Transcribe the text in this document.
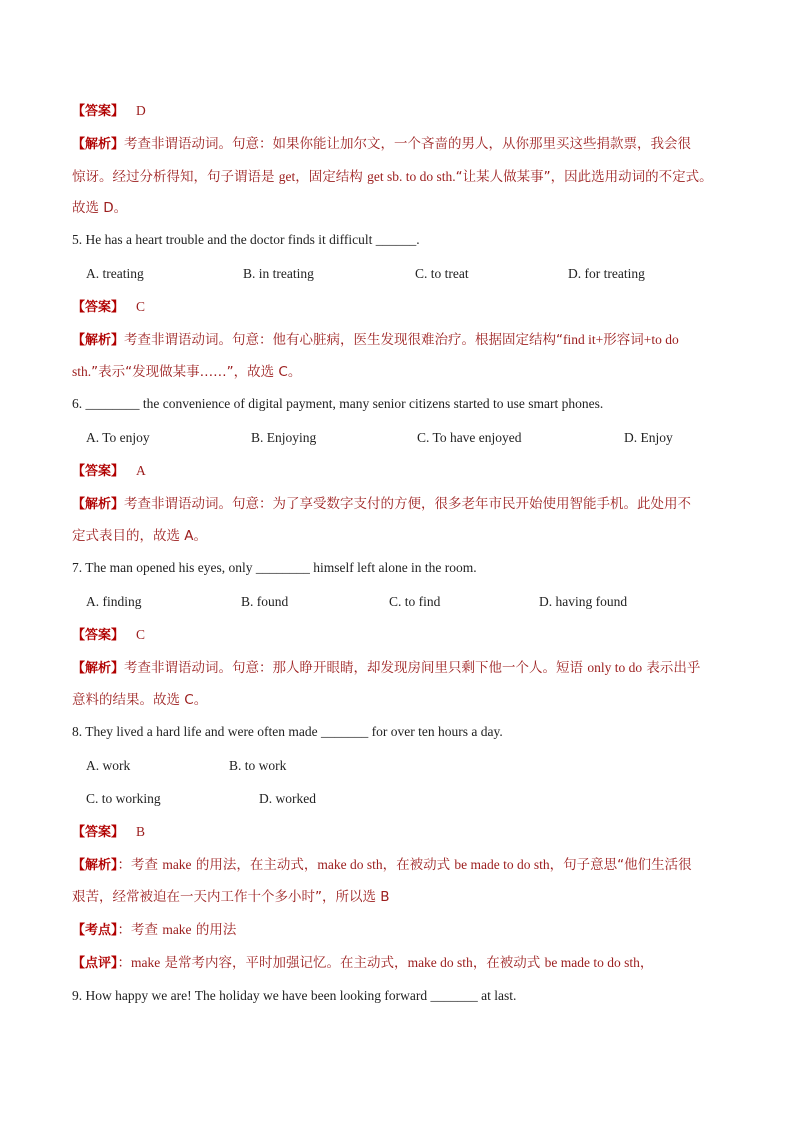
【答案】 D
【解析】考查非谓语动词。句意：如果你能让加尔文，一个吝啬的男人，从你那里买这些捐款票，我会很
惊讶。经过分析得知，句子谓语是 get，固定结构 get sb. to do sth.“让某人做某事”，因此选用动词的不定式。
故选 D。
5. He has a heart trouble and the doctor finds it difficult ______.
A. treating	B. in treating	C. to treat	D. for treating
【答案】 C
【解析】考查非谓语动词。句意：他有心脏病，医生发现很难治疗。根据固定结构“find it+形容词+to do
sth.”表示“发现做某事……”，故选 C。
6. ________ the convenience of digital payment, many senior citizens started to use smart phones.
A. To enjoy	B. Enjoying	C. To have enjoyed	D. Enjoy
【答案】 A
【解析】考查非谓语动词。句意：为了享受数字支付的方便，很多老年市民开始使用智能手机。此处用不
定式表目的，故选 A。
7. The man opened his eyes, only ________ himself left alone in the room.
A. finding	B. found	C. to find	D. having found
【答案】 C
【解析】考查非谓语动词。句意：那人睁开眼睛，却发现房间里只剩下他一个人。短语 only to do 表示出乎
意料的结果。故选 C。
8. They lived a hard life and were often made _______ for over ten hours a day.
A. work	B. to work
C. to working	D. worked
【答案】 B
【解析】：考查 make 的用法，在主动式，make do sth，在被动式 be made to do sth，句子意思“他们生活很
艰苦，经常被迫在一天内工作十个多小时”，所以选 B
【考点】：考查 make 的用法
【点评】：make 是常考内容，平时加强记忆。在主动式，make do sth，在被动式 be made to do sth，
9. How happy we are! The holiday we have been looking forward _______ at last.
